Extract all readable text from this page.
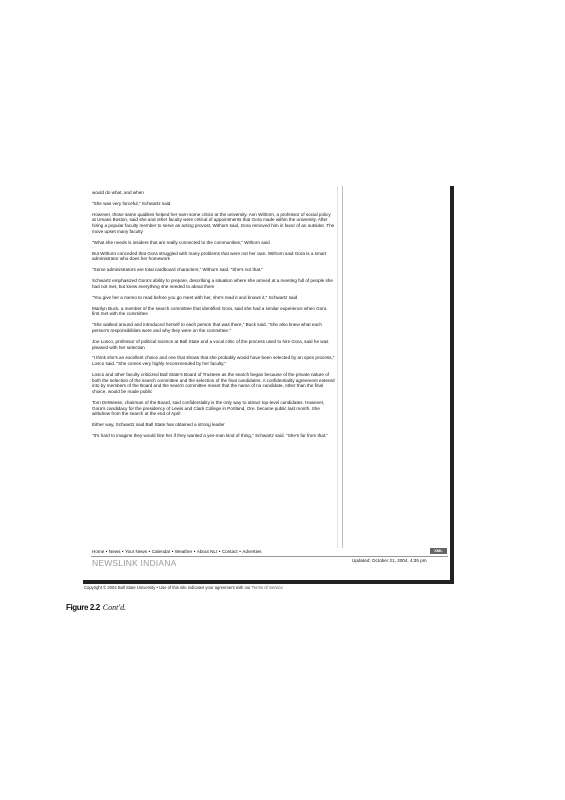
would do what, and when

"She was very forceful," Schwartz said

However, those same qualities helped her earn some critics at the university. Ann Withorn, a professor of social policy at Umass Boston, said she and other faculty were critical of appointments that Gora made within the university. After hiring a popular faculty member to serve as acting provost, Withorn said, Gora removed him in favor of an outsider. The move upset many faculty

"What she needs is insiders that are really connected to the communities," Withorn said

But Withorn conceded that Gora struggled with many problems that were not her own. Withorn said Gora is a smart administrator who does her homework

"Some administrators are total cardboard characters," Withorn said. "She's not that."

Schwartz emphasized Gora's ability to prepare, describing a situation where she arrived at a meeting full of people she had not met, but knew everything she needed to about them

"You give her a memo to read before you go meet with her, she's read it and knows it," Schwartz said

Marilyn Buck, a member of the search committee that identified Gora, said she had a similar experience when Gora first met with the committee

"She walked around and introduced herself to each person that was there," Buck said. "She also knew what each person's responsibilities were and why they were on the committee."

Joe Losco, professor of political science at Ball State and a vocal critic of the process used to hire Gora, said he was pleased with her selection

"I think she's an excellent choice and one that shows that she probably would have been selected by an open process," Losco said. "She comes very highly recommended by her faculty."

Losco and other faculty criticized Ball State's Board of Trustees as the search began because of the private nature of both the selection of the search committee and the selection of the final candidates. A confidentiality agreement entered into by members of the Board and the search committee meant that the name of no candidate, other than the final choice, would be made public

Tom DeWeese, chairman of the Board, said confidentiality is the only way to attract top-level candidates. However, Gora's candidacy for the presidency of Lewis and Clark College in Portland, Ore. became public last month. She withdrew from the search at the end of April

Either way, Schwartz said Ball State has obtained a strong leader

"It's hard to imagine they would hire her if they wanted a yes-man kind of thing," Schwartz said. "She's far from that."

Home • News • Your News • Calendar • Weather • About NLI • Contact • Adverties	XML
NEWSLINK INDIANA	Updated: October 21, 2004, 4:35 pm
Copyright © 2004 Ball State University • Use of this site indicates your agreement with our Terms of Service
Figure 2.2 Cont'd.
